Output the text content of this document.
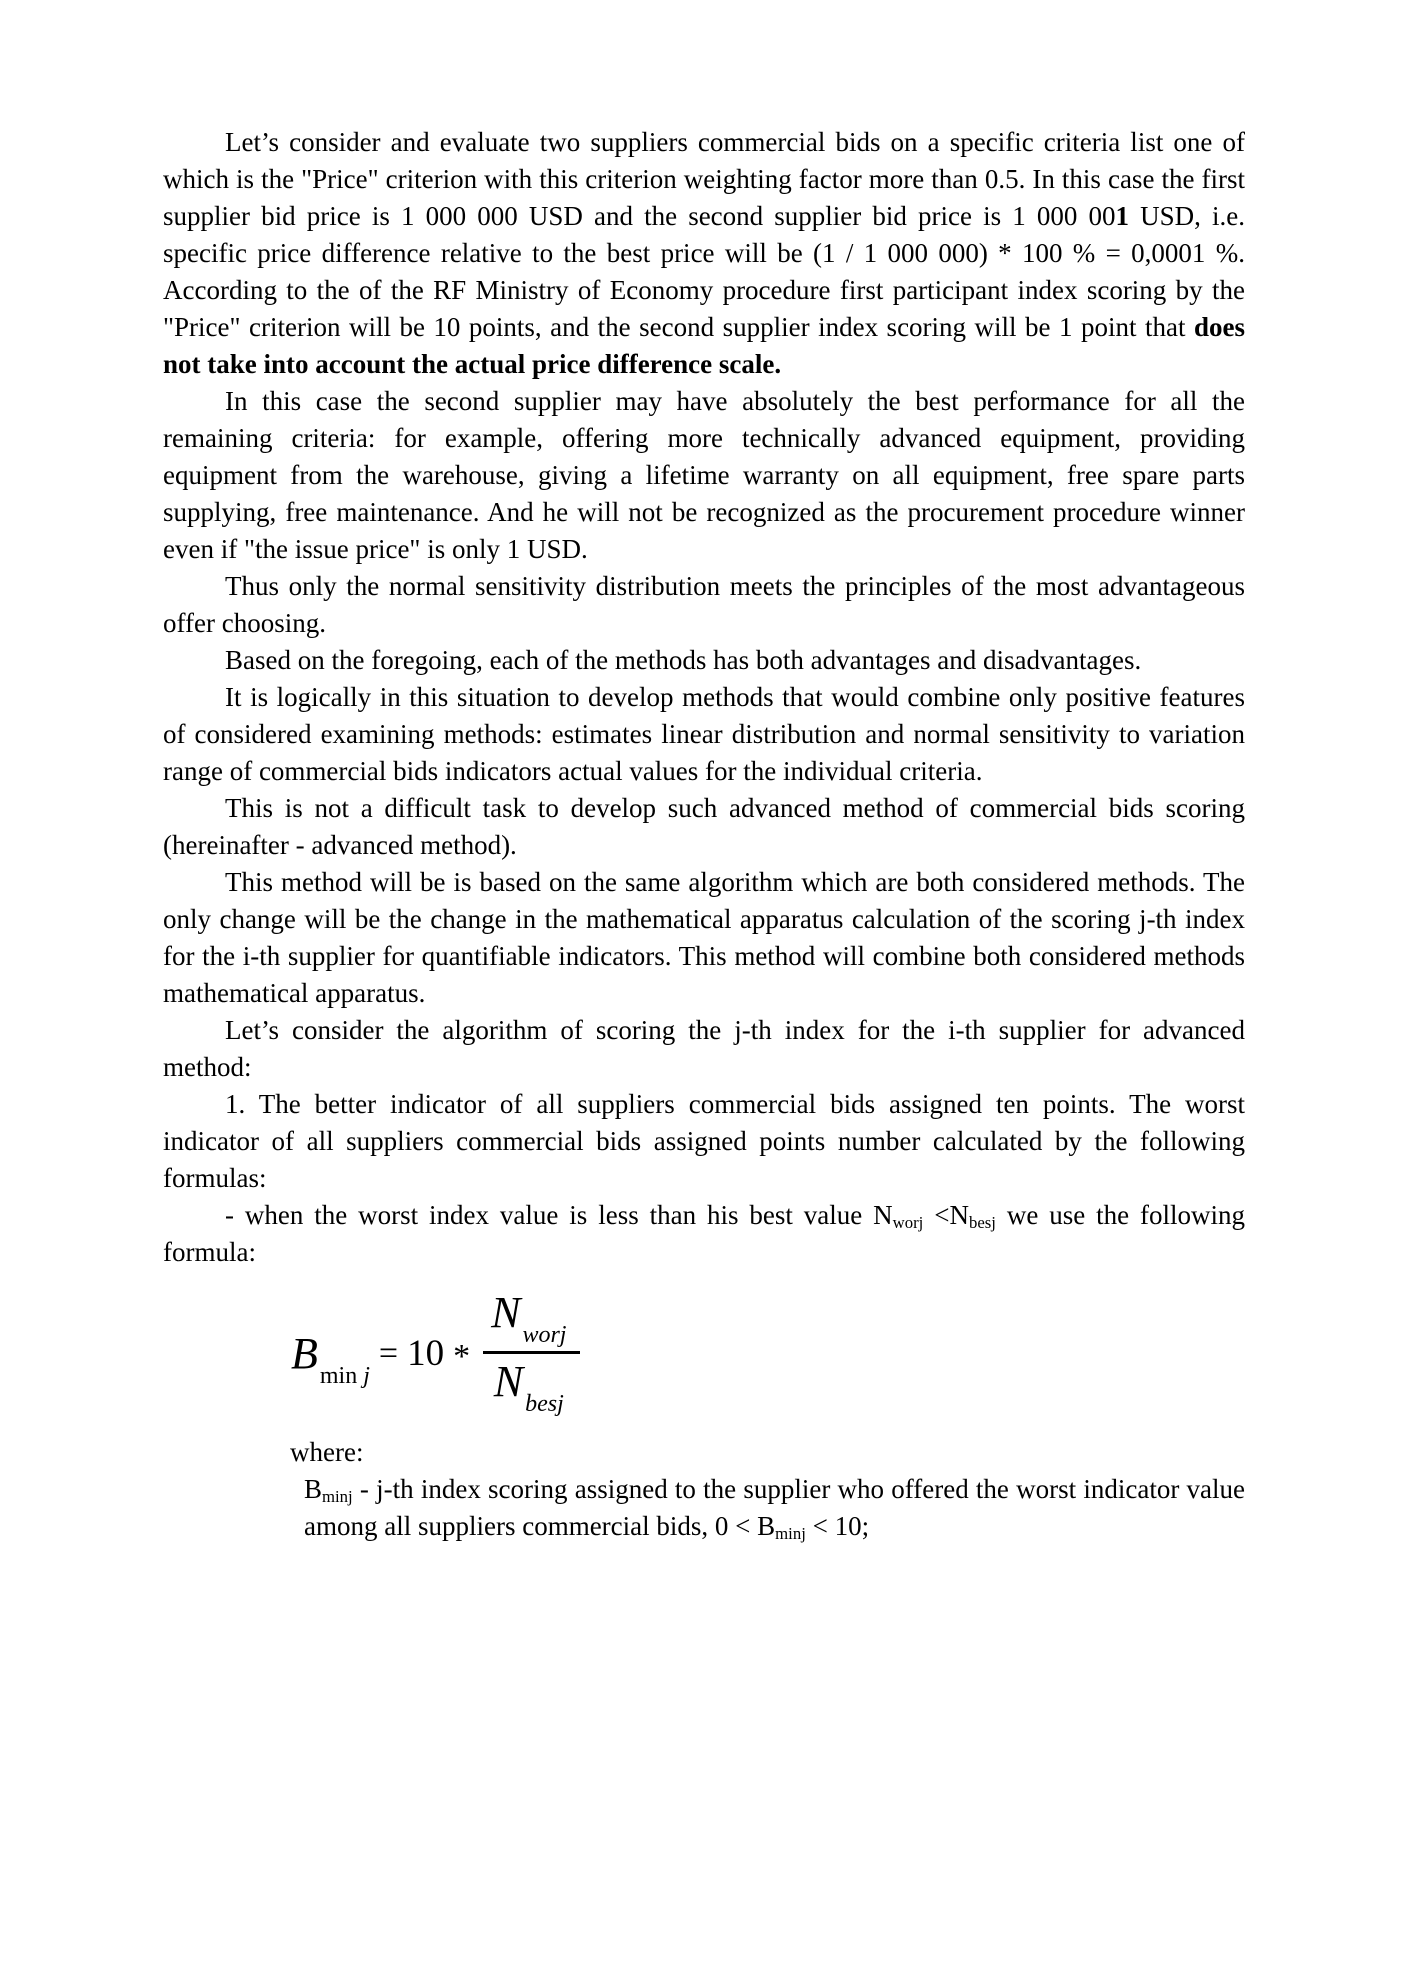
Let’s consider and evaluate two suppliers commercial bids on a specific criteria list one of which is the "Price" criterion with this criterion weighting factor more than 0.5. In this case the first supplier bid price is 1 000 000 USD and the second supplier bid price is 1 000 001 USD, i.e. specific price difference relative to the best price will be (1 / 1 000 000) * 100 % = 0,0001 %. According to the of the RF Ministry of Economy procedure first participant index scoring by the "Price" criterion will be 10 points, and the second supplier index scoring will be 1 point that does not take into account the actual price difference scale.

In this case the second supplier may have absolutely the best performance for all the remaining criteria: for example, offering more technically advanced equipment, providing equipment from the warehouse, giving a lifetime warranty on all equipment, free spare parts supplying, free maintenance. And he will not be recognized as the procurement procedure winner even if "the issue price" is only 1 USD.

Thus only the normal sensitivity distribution meets the principles of the most advantageous offer choosing.

Based on the foregoing, each of the methods has both advantages and disadvantages.

It is logically in this situation to develop methods that would combine only positive features of considered examining methods: estimates linear distribution and normal sensitivity to variation range of commercial bids indicators actual values for the individual criteria.

This is not a difficult task to develop such advanced method of commercial bids scoring (hereinafter - advanced method).

This method will be is based on the same algorithm which are both considered methods. The only change will be the change in the mathematical apparatus calculation of the scoring j-th index for the i-th supplier for quantifiable indicators. This method will combine both considered methods mathematical apparatus.

Let’s consider the algorithm of scoring the j-th index for the i-th supplier for advanced method:

1. The better indicator of all suppliers commercial bids assigned ten points. The worst indicator of all suppliers commercial bids assigned points number calculated by the following formulas:

- when the worst index value is less than his best value $N_{worj} <N_{besj}$ we use the following formula:

Bmin j
= $10 * \frac{\text{Nworj}}{\text{Nbesj}}$

where:

$B_{minj} - j-th$ index scoring assigned to the supplier who offered the worst indicator value among all suppliers commercial bids, $0 < B_{minj} < 10$;
